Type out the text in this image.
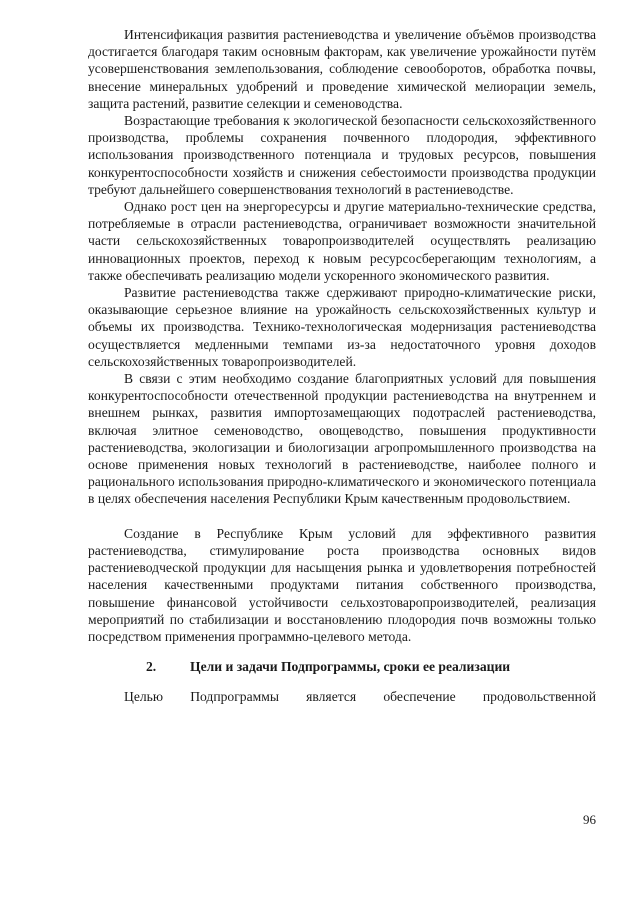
Интенсификация развития растениеводства и увеличение объёмов производства достигается благодаря таким основным факторам, как увеличение урожайности путём усовершенствования землепользования, соблюдение севооборотов, обработка почвы, внесение минеральных удобрений и проведение химической мелиорации земель, защита растений, развитие селекции и семеноводства.

Возрастающие требования к экологической безопасности сельскохозяйственного производства, проблемы сохранения почвенного плодородия, эффективного использования производственного потенциала и трудовых ресурсов, повышения конкурентоспособности хозяйств и снижения себестоимости производства продукции требуют дальнейшего совершенствования технологий в растениеводстве.

Однако рост цен на энергоресурсы и другие материально-технические средства, потребляемые в отрасли растениеводства, ограничивает возможности значительной части сельскохозяйственных товаропроизводителей осуществлять реализацию инновационных проектов, переход к новым ресурсосберегающим технологиям, а также обеспечивать реализацию модели ускоренного экономического развития.

Развитие растениеводства также сдерживают природно-климатические риски, оказывающие серьезное влияние на урожайность сельскохозяйственных культур и объемы их производства. Технико-технологическая модернизация растениеводства осуществляется медленными темпами из-за недостаточного уровня доходов сельскохозяйственных товаропроизводителей.

В связи с этим необходимо создание благоприятных условий для повышения конкурентоспособности отечественной продукции растениеводства на внутреннем и внешнем рынках, развития импортозамещающих подотраслей растениеводства, включая элитное семеноводство, овощеводство, повышения продуктивности растениеводства, экологизации и биологизации агропромышленного производства на основе применения новых технологий в растениеводстве, наиболее полного и рационального использования природно-климатического и экономического потенциала в целях обеспечения населения Республики Крым качественным продовольствием.

Создание в Республике Крым условий для эффективного развития растениеводства, стимулирование роста производства основных видов растениеводческой продукции для насыщения рынка и удовлетворения потребностей населения качественными продуктами питания собственного производства, повышение финансовой устойчивости сельхозтоваропроизводителей, реализация мероприятий по стабилизации и восстановлению плодородия почв возможны только посредством применения программно-целевого метода.

2. Цели и задачи Подпрограммы, сроки ее реализации

Целью Подпрограммы является обеспечение продовольственной

96
